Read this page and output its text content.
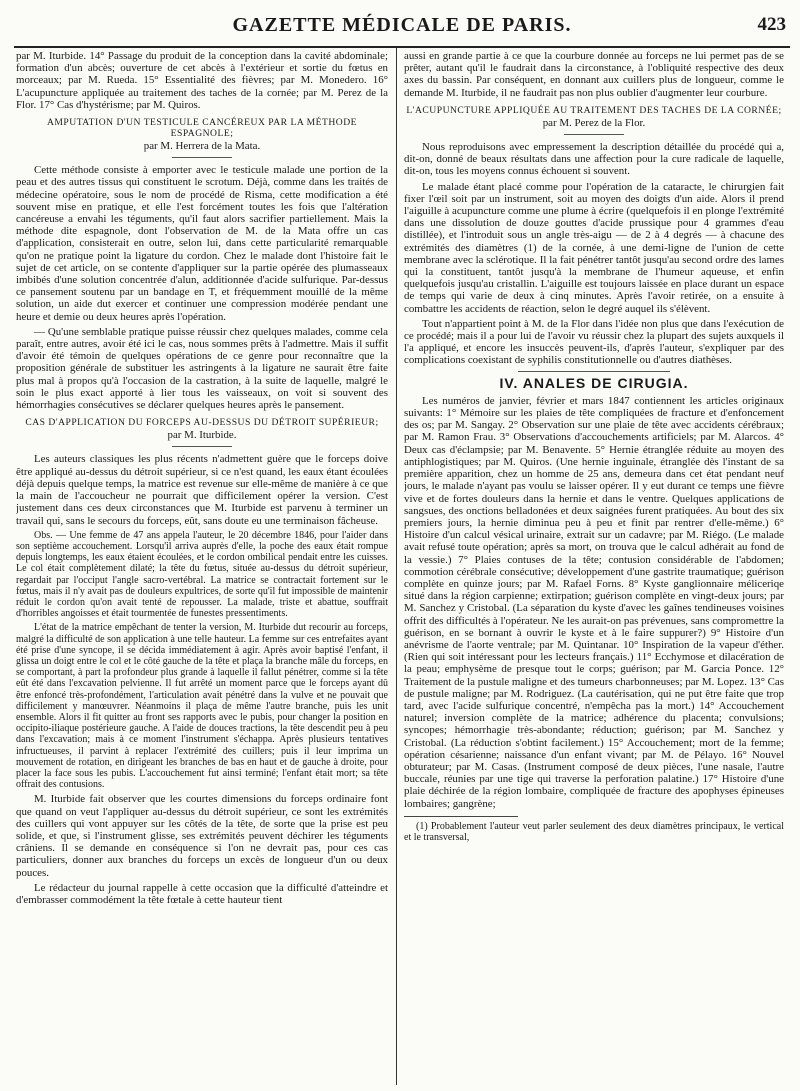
GAZETTE MÉDICALE DE PARIS.	423

par M. Iturbide. 14° Passage du produit de la conception dans la cavité abdominale; formation d'un abcès; ouverture de cet abcès à l'extérieur et sortie du fœtus en morceaux; par M. Rueda. 15° Essentialité des fièvres; par M. Monedero. 16° L'acupuncture appliquée au traitement des taches de la cornée; par M. Perez de la Flor. 17° Cas d'hystérisme; par M. Quiros.

AMPUTATION D'UN TESTICULE CANCÉREUX PAR LA MÉTHODE ESPAGNOLE;
par M. Herrera de la Mata.

Cette méthode consiste à emporter avec le testicule malade une portion de la peau et des autres tissus qui constituent le scrotum. Déjà, comme dans les traités de médecine opératoire, sous le nom de procédé de Risma, cette modification a été souvent mise en pratique, et elle l'est forcément toutes les fois que l'altération cancéreuse a envahi les téguments, qu'il faut alors sacrifier partiellement. Mais la méthode dite espagnole, dont l'observation de M. de la Mata offre un cas d'application, consisterait en outre, selon lui, dans cette particularité remarquable qu'on ne pratique point la ligature du cordon. Chez le malade dont l'histoire fait le sujet de cet article, on se contente d'appliquer sur la partie opérée des plumasseaux imbibés d'une solution concentrée d'alun, additionnée d'acide sulfurique. Par-dessus ce pansement soutenu par un bandage en T, et fréquemment mouillé de la même solution, un aide dut exercer et continuer une compression modérée pendant une heure et demie ou deux heures après l'opération.

— Qu'une semblable pratique puisse réussir chez quelques malades, comme cela paraît, entre autres, avoir été ici le cas, nous sommes prêts à l'admettre. Mais il suffit d'avoir été témoin de quelques opérations de ce genre pour reconnaître que la proposition générale de substituer les astringents à la ligature ne saurait être faite plus mal à propos qu'à l'occasion de la castration, à la suite de laquelle, malgré le soin le plus exact apporté à lier tous les vaisseaux, on voit si souvent des hémorrhagies consécutives se déclarer quelques heures après le pansement.

CAS D'APPLICATION DU FORCEPS AU-DESSUS DU DÉTROIT SUPÉRIEUR;
par M. Iturbide.

Les auteurs classiques les plus récents n'admettent guère que le forceps doive être appliqué au-dessus du détroit supérieur, si ce n'est quand, les eaux étant écoulées déjà depuis quelque temps, la matrice est revenue sur elle-même de manière à ce que la main de l'accoucheur ne pourrait que difficilement opérer la version. C'est justement dans ces deux circonstances que M. Iturbide est parvenu à terminer un travail qui, sans le secours du forceps, eût, sans doute eu une terminaison fâcheuse.

Obs. — Une femme de 47 ans appela l'auteur, le 20 décembre 1846, pour l'aider dans son septième accouchement. Lorsqu'il arriva auprès d'elle, la poche des eaux était rompue depuis longtemps, les eaux étaient écoulées, et le cordon ombilical pendait entre les cuisses. Le col était complètement dilaté; la tête du fœtus, située au-dessus du détroit supérieur, regardait par l'occiput l'angle sacro-vertébral. La matrice se contractait fortement sur le fœtus, mais il n'y avait pas de douleurs expultrices, de sorte qu'il fut impossible de maintenir réduit le cordon qu'on avait tenté de repousser. La malade, triste et abattue, souffrait d'horribles angoisses et était tourmentée de funestes pressentiments.

L'état de la matrice empêchant de tenter la version, M. Iturbide dut recourir au forceps, malgré la difficulté de son application à une telle hauteur. La femme sur ces entrefaites ayant été prise d'une syncope, il se décida immédiatement à agir. Après avoir baptisé l'enfant, il glissa un doigt entre le col et le côté gauche de la tête et plaça la branche mâle du forceps, en se comportant, à part la profondeur plus grande à laquelle il fallut pénétrer, comme si la tête eût été dans l'excavation pelvienne. Il fut arrêté un moment parce que le forceps ayant dû être enfoncé très-profondément, l'articulation avait pénétré dans la vulve et ne pouvait que difficilement y manœuvrer. Néanmoins il plaça de même l'autre branche, puis les unit ensemble. Alors il fit quitter au front ses rapports avec le pubis, pour changer la position en occipito-iliaque postérieure gauche. A l'aide de douces tractions, la tête descendit peu à peu dans l'excavation; mais à ce moment l'instrument s'échappa. Après plusieurs tentatives infructueuses, il parvint à replacer l'extrémité des cuillers; puis il leur imprima un mouvement de rotation, en dirigeant les branches de bas en haut et de gauche à droite, pour placer la face sous les pubis. L'accouchement fut ainsi terminé; l'enfant était mort; sa tête offrait des contusions.

M. Iturbide fait observer que les courtes dimensions du forceps ordinaire font que quand on veut l'appliquer au-dessus du détroit supérieur, ce sont les extrémités des cuillers qui vont appuyer sur les côtés de la tête, de sorte que la prise est peu solide, et que, si l'instrument glisse, ses extrémités peuvent déchirer les téguments crâniens. Il se demande en conséquence si l'on ne devrait pas, pour ces cas particuliers, donner aux branches du forceps un excès de longueur d'un ou deux pouces.

Le rédacteur du journal rappelle à cette occasion que la difficulté d'atteindre et d'embrasser commodément la tête fœtale à cette hauteur tient

aussi en grande partie à ce que la courbure donnée au forceps ne lui permet pas de se prêter, autant qu'il le faudrait dans la circonstance, à l'obliquité respective des deux axes du bassin. Par conséquent, en donnant aux cuillers plus de longueur, comme le demande M. Iturbide, il ne faudrait pas non plus oublier d'augmenter leur courbure.

L'ACUPUNCTURE APPLIQUÉE AU TRAITEMENT DES TACHES DE LA CORNÉE;
par M. Perez de la Flor.

Nous reproduisons avec empressement la description détaillée du procédé qui a, dit-on, donné de beaux résultats dans une affection pour la cure radicale de laquelle, dit-on, tous les moyens connus échouent si souvent.

Le malade étant placé comme pour l'opération de la cataracte, le chirurgien fait fixer l'œil soit par un instrument, soit au moyen des doigts d'un aide. Alors il prend l'aiguille à acupuncture comme une plume à écrire (quelquefois il en plonge l'extrémité dans une dissolution de douze gouttes d'acide prussique pour 4 grammes d'eau distillée), et l'introduit sous un angle très-aigu — de 2 à 4 degrés — à chacune des extrémités des diamètres (1) de la cornée, à une demi-ligne de l'union de cette membrane avec la sclérotique. Il la fait pénétrer tantôt jusqu'au second ordre des lames qui la constituent, tantôt jusqu'à la membrane de l'humeur aqueuse, et enfin quelquefois jusqu'au cristallin. L'aiguille est toujours laissée en place durant un espace de temps qui varie de deux à cinq minutes. Après l'avoir retirée, on a ensuite à combattre les accidents de réaction, selon le degré auquel ils s'élèvent.

Tout n'appartient point à M. de la Flor dans l'idée non plus que dans l'exécution de ce procédé; mais il a pour lui de l'avoir vu réussir chez la plupart des sujets auxquels il l'a appliqué, et encore les insuccès peuvent-ils, d'après l'auteur, s'expliquer par des complications coexistant de syphilis constitutionnelle ou d'autres diathèses.

IV. ANALES DE CIRUGIA.

Les numéros de janvier, février et mars 1847 contiennent les articles originaux suivants: 1° Mémoire sur les plaies de tête compliquées de fracture et d'enfoncement des os; par M. Sangay. 2° Observation sur une plaie de tête avec accidents cérébraux; par M. Ramon Frau. 3° Observations d'accouchements artificiels; par M. Alarcos. 4° Deux cas d'éclampsie; par M. Benavente. 5° Hernie étranglée réduite au moyen des antiphlogistiques; par M. Quiros. (Une hernie inguinale, étranglée dès l'instant de sa première apparition, chez un homme de 25 ans, demeura dans cet état pendant neuf jours, le malade n'ayant pas voulu se laisser opérer. Il y eut durant ce temps une fièvre vive et de fortes douleurs dans la hernie et dans le ventre. Quelques applications de sangsues, des onctions belladonées et deux saignées furent pratiquées. Au bout des six premiers jours, la hernie diminua peu à peu et finit par rentrer d'elle-même.) 6° Histoire d'un calcul vésical urinaire, extrait sur un cadavre; par M. Riégo. (Le malade avait refusé toute opération; après sa mort, on trouva que le calcul adhérait au fond de la vessie.) 7° Plaies contuses de la tête; contusion considérable de l'abdomen; commotion cérébrale consécutive; développement d'une gastrite traumatique; guérison complète en quinze jours; par M. Rafael Forns. 8° Kyste ganglionnaire méliceriqe situé dans la région carpienne; extirpation; guérison complète en vingt-deux jours; par M. Sanchez y Cristobal. (La séparation du kyste d'avec les gaînes tendineuses voisines offrit des difficultés à l'opérateur. Ne les aurait-on pas prévenues, sans compromettre la guérison, en se bornant à ouvrir le kyste et à le faire suppurer?) 9° Histoire d'un anévrisme de l'aorte ventrale; par M. Quintanar. 10° Inspiration de la vapeur d'éther. (Rien qui soit intéressant pour les lecteurs français.) 11° Ecchymose et dilacération de la peau; emphysème de presque tout le corps; guérison; par M. Garcia Ponce. 12° Traitement de la pustule maligne et des tumeurs charbonneuses; par M. Lopez. 13° Cas de pustule maligne; par M. Rodriguez. (La cautérisation, qui ne put être faite que trop tard, avec l'acide sulfurique concentré, n'empêcha pas la mort.) 14° Accouchement naturel; inversion complète de la matrice; adhérence du placenta; convulsions; syncopes; hémorrhagie très-abondante; réduction; guérison; par M. Sanchez y Cristobal. (La réduction s'obtint facilement.) 15° Accouchement; mort de la femme; opération césarienne; naissance d'un enfant vivant; par M. de Pélayo. 16° Nouvel obturateur; par M. Casas. (Instrument composé de deux pièces, l'une nasale, l'autre buccale, réunies par une tige qui traverse la perforation palatine.) 17° Histoire d'une plaie déchirée de la région lombaire, compliquée de fracture des apophyses épineuses lombaires; gangrène;

(1) Probablement l'auteur veut parler seulement des deux diamètres principaux, le vertical et le transversal,
